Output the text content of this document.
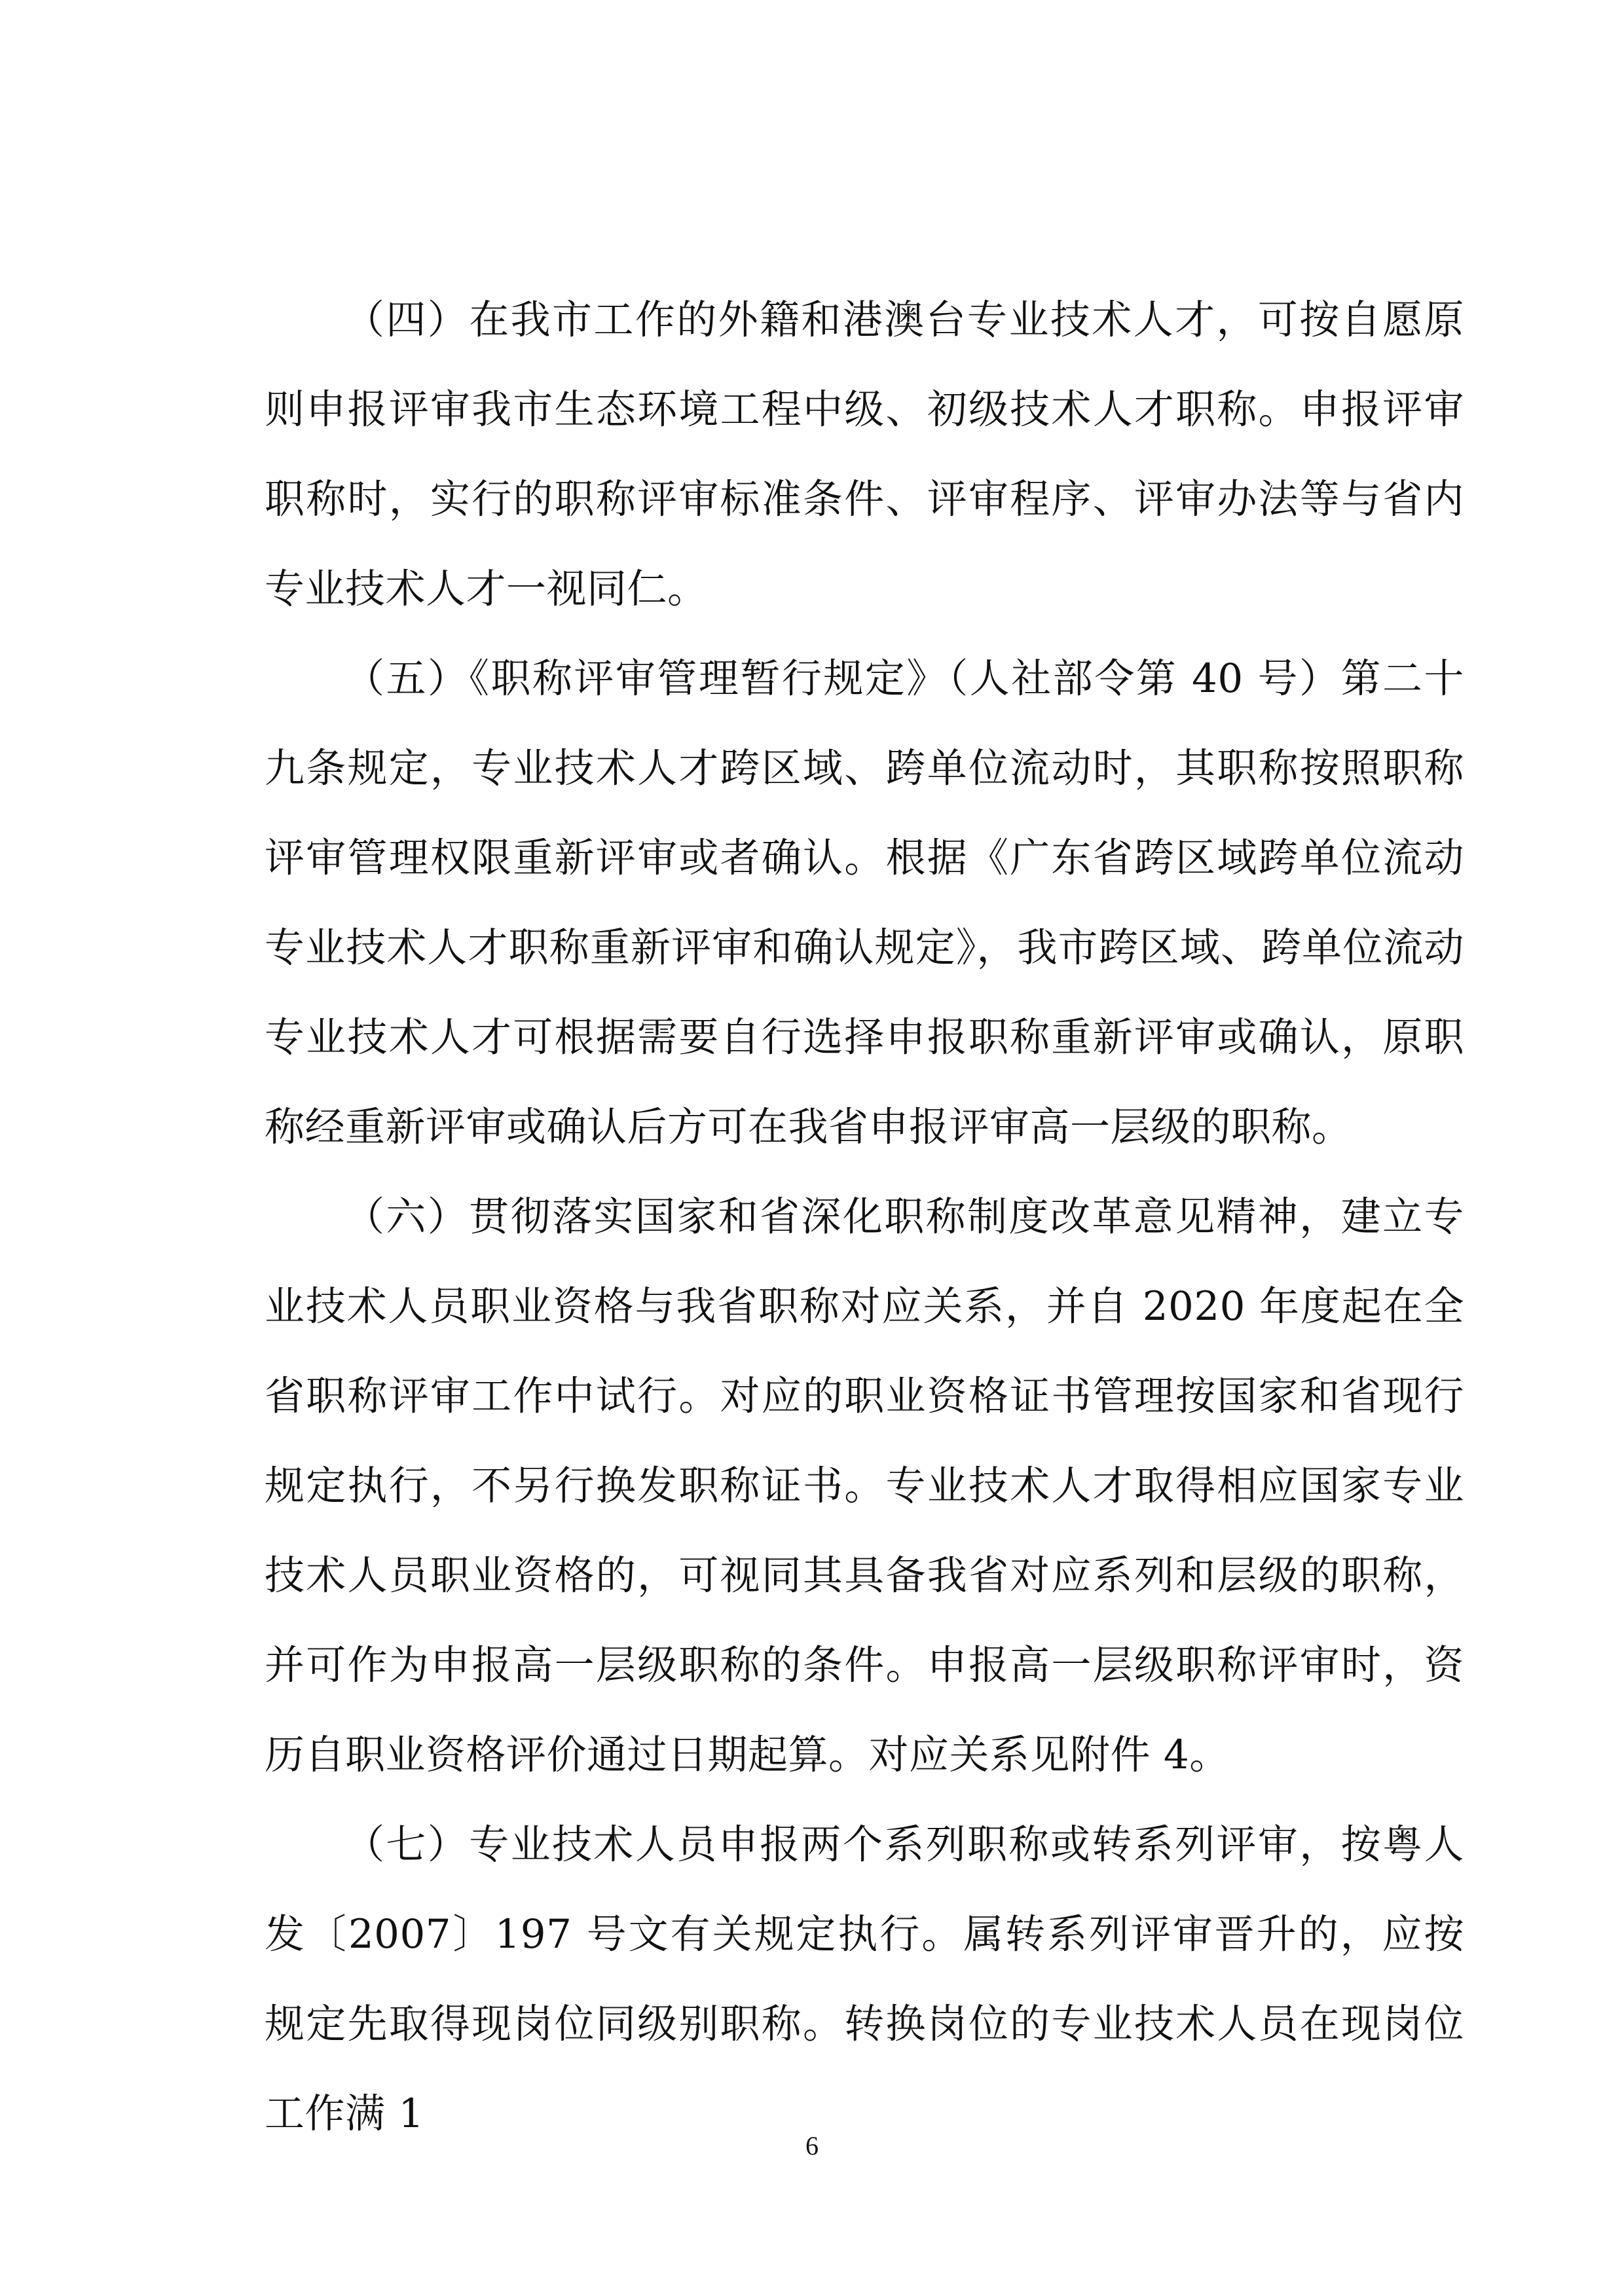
（四）在我市工作的外籍和港澳台专业技术人才，可按自愿原则申报评审我市生态环境工程中级、初级技术人才职称。申报评审职称时，实行的职称评审标准条件、评审程序、评审办法等与省内专业技术人才一视同仁。

（五）《职称评审管理暂行规定》（人社部令第 40 号）第二十九条规定，专业技术人才跨区域、跨单位流动时，其职称按照职称评审管理权限重新评审或者确认。根据《广东省跨区域跨单位流动专业技术人才职称重新评审和确认规定》，我市跨区域、跨单位流动专业技术人才可根据需要自行选择申报职称重新评审或确认，原职称经重新评审或确认后方可在我省申报评审高一层级的职称。

（六）贯彻落实国家和省深化职称制度改革意见精神，建立专业技术人员职业资格与我省职称对应关系，并自 2020 年度起在全省职称评审工作中试行。对应的职业资格证书管理按国家和省现行规定执行，不另行换发职称证书。专业技术人才取得相应国家专业技术人员职业资格的，可视同其具备我省对应系列和层级的职称，并可作为申报高一层级职称的条件。申报高一层级职称评审时，资历自职业资格评价通过日期起算。对应关系见附件 4。

（七）专业技术人员申报两个系列职称或转系列评审，按粤人发〔2007〕197 号文有关规定执行。属转系列评审晋升的，应按规定先取得现岗位同级别职称。转换岗位的专业技术人员在现岗位工作满 1

6
